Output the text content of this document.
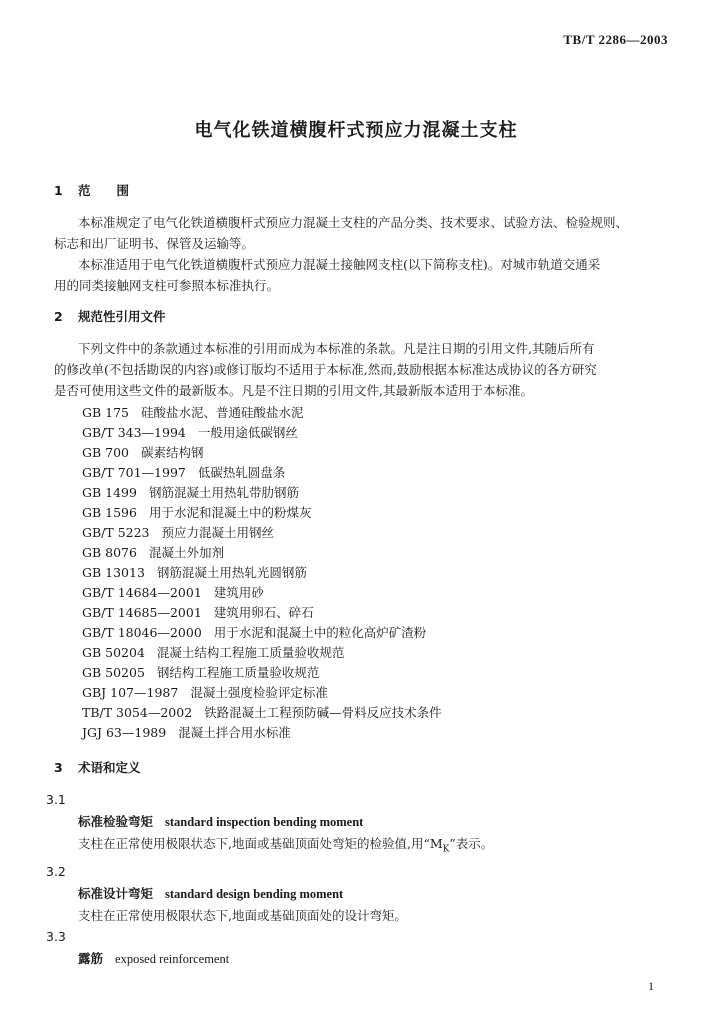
TB/T 2286—2003
电气化铁道横腹杆式预应力混凝土支柱
1 范 围
本标准规定了电气化铁道横腹杆式预应力混凝土支柱的产品分类、技术要求、试验方法、检验规则、
标志和出厂证明书、保管及运输等。
本标准适用于电气化铁道横腹杆式预应力混凝土接触网支柱(以下简称支柱)。对城市轨道交通采
用的同类接触网支柱可参照本标准执行。
2 规范性引用文件
下列文件中的条款通过本标准的引用而成为本标准的条款。凡是注日期的引用文件,其随后所有
的修改单(不包括勘误的内容)或修订版均不适用于本标准,然而,鼓励根据本标准达成协议的各方研究
是否可使用这些文件的最新版本。凡是不注日期的引用文件,其最新版本适用于本标准。
GB 175 硅酸盐水泥、普通硅酸盐水泥
GB/T 343—1994 一般用途低碳钢丝
GB 700 碳素结构钢
GB/T 701—1997 低碳热轧圆盘条
GB 1499 钢筋混凝土用热轧带肋钢筋
GB 1596 用于水泥和混凝土中的粉煤灰
GB/T 5223 预应力混凝土用钢丝
GB 8076 混凝土外加剂
GB 13013 钢筋混凝土用热轧光圆钢筋
GB/T 14684—2001 建筑用砂
GB/T 14685—2001 建筑用卵石、碎石
GB/T 18046—2000 用于水泥和混凝土中的粒化高炉矿渣粉
GB 50204 混凝土结构工程施工质量验收规范
GB 50205 钢结构工程施工质量验收规范
GBJ 107—1987 混凝土强度检验评定标准
TB/T 3054—2002 铁路混凝土工程预防碱—骨料反应技术条件
JGJ 63—1989 混凝土拌合用水标准
3 术语和定义
3.1
标准检验弯矩 standard inspection bending moment
支柱在正常使用极限状态下,地面或基础顶面处弯矩的检验值,用“$M_K$”表示。
3.2
标准设计弯矩 standard design bending moment
支柱在正常使用极限状态下,地面或基础顶面处的设计弯矩。
3.3
露筋 exposed reinforcement
1
